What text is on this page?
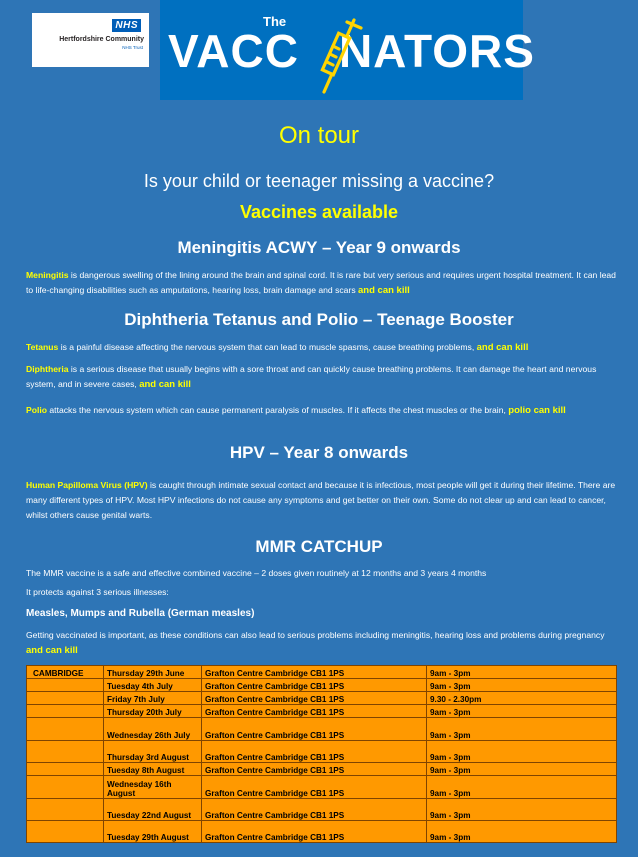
NHS
Hertfordshire Community
NHS Trust
The
VACC NATORS
On tour
Is your child or teenager missing a vaccine?
Vaccines available
Meningitis ACWY – Year 9 onwards
Meningitis is dangerous swelling of the lining around the brain and spinal cord. It is rare but very serious and requires urgent hospital treatment. It can lead to life-changing disabilities such as amputations, hearing loss, brain damage and scars and can kill
Diphtheria Tetanus and Polio – Teenage Booster
Tetanus is a painful disease affecting the nervous system that can lead to muscle spasms, cause breathing problems, and can kill
Diphtheria is a serious disease that usually begins with a sore throat and can quickly cause breathing problems. It can damage the heart and nervous system, and in severe cases, and can kill
Polio attacks the nervous system which can cause permanent paralysis of muscles. If it affects the chest muscles or the brain, polio can kill
HPV – Year 8 onwards
Human Papilloma Virus (HPV) is caught through intimate sexual contact and because it is infectious, most people will get it during their lifetime. There are many different types of HPV. Most HPV infections do not cause any symptoms and get better on their own. Some do not clear up and can lead to cancer, whilst others cause genital warts.
MMR CATCHUP
The MMR vaccine is a safe and effective combined vaccine – 2 doses given routinely at 12 months and 3 years 4 months
It protects against 3 serious illnesses:
Measles, Mumps and Rubella (German measles)
Getting vaccinated is important, as these conditions can also lead to serious problems including meningitis, hearing loss and problems during pregnancy and can kill
CAMBRIDGE	Thursday 29th June	Grafton Centre Cambridge CB1 1PS	9am - 3pm
	Tuesday 4th July	Grafton Centre Cambridge CB1 1PS	9am - 3pm
	Friday 7th July	Grafton Centre Cambridge CB1 1PS	9.30 - 2.30pm
	Thursday 20th July	Grafton Centre Cambridge CB1 1PS	9am - 3pm
	Wednesday 26th July	Grafton Centre Cambridge CB1 1PS	9am - 3pm
	Thursday 3rd August	Grafton Centre Cambridge CB1 1PS	9am - 3pm
	Tuesday 8th August	Grafton Centre Cambridge CB1 1PS	9am - 3pm
	Wednesday 16th August	Grafton Centre Cambridge CB1 1PS	9am - 3pm
	Tuesday 22nd August	Grafton Centre Cambridge CB1 1PS	9am - 3pm
	Tuesday 29th August	Grafton Centre Cambridge CB1 1PS	9am - 3pm
